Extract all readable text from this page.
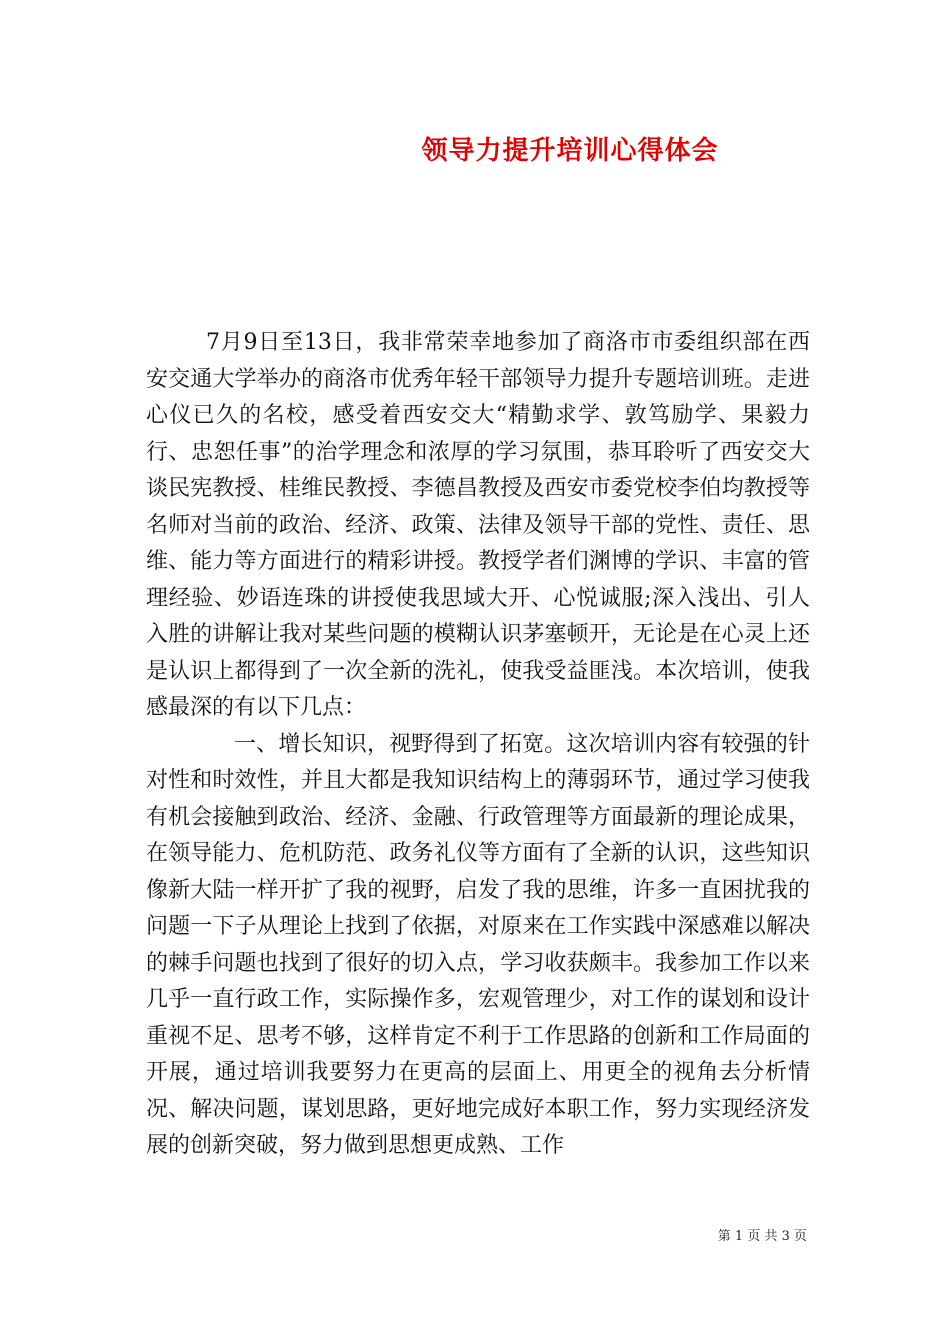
领导力提升培训心得体会

7月9日至13日，我非常荣幸地参加了商洛市市委组织部在西安交通大学举办的商洛市优秀年轻干部领导力提升专题培训班。走进心仪已久的名校，感受着西安交大“精勤求学、敦笃励学、果毅力行、忠恕任事”的治学理念和浓厚的学习氛围，恭耳聆听了西安交大谈民宪教授、桂维民教授、李德昌教授及西安市委党校李伯均教授等名师对当前的政治、经济、政策、法律及领导干部的党性、责任、思维、能力等方面进行的精彩讲授。教授学者们渊博的学识、丰富的管理经验、妙语连珠的讲授使我思域大开、心悦诚服;深入浅出、引人入胜的讲解让我对某些问题的模糊认识茅塞顿开，无论是在心灵上还是认识上都得到了一次全新的洗礼，使我受益匪浅。本次培训，使我感最深的有以下几点：

一、增长知识，视野得到了拓宽。这次培训内容有较强的针对性和时效性，并且大都是我知识结构上的薄弱环节，通过学习使我有机会接触到政治、经济、金融、行政管理等方面最新的理论成果，在领导能力、危机防范、政务礼仪等方面有了全新的认识，这些知识像新大陆一样开扩了我的视野，启发了我的思维，许多一直困扰我的问题一下子从理论上找到了依据，对原来在工作实践中深感难以解决的棘手问题也找到了很好的切入点，学习收获颇丰。我参加工作以来几乎一直行政工作，实际操作多，宏观管理少，对工作的谋划和设计重视不足、思考不够，这样肯定不利于工作思路的创新和工作局面的开展，通过培训我要努力在更高的层面上、用更全的视角去分析情况、解决问题，谋划思路，更好地完成好本职工作，努力实现经济发展的创新突破，努力做到思想更成熟、工作

第 1 页 共 3 页
